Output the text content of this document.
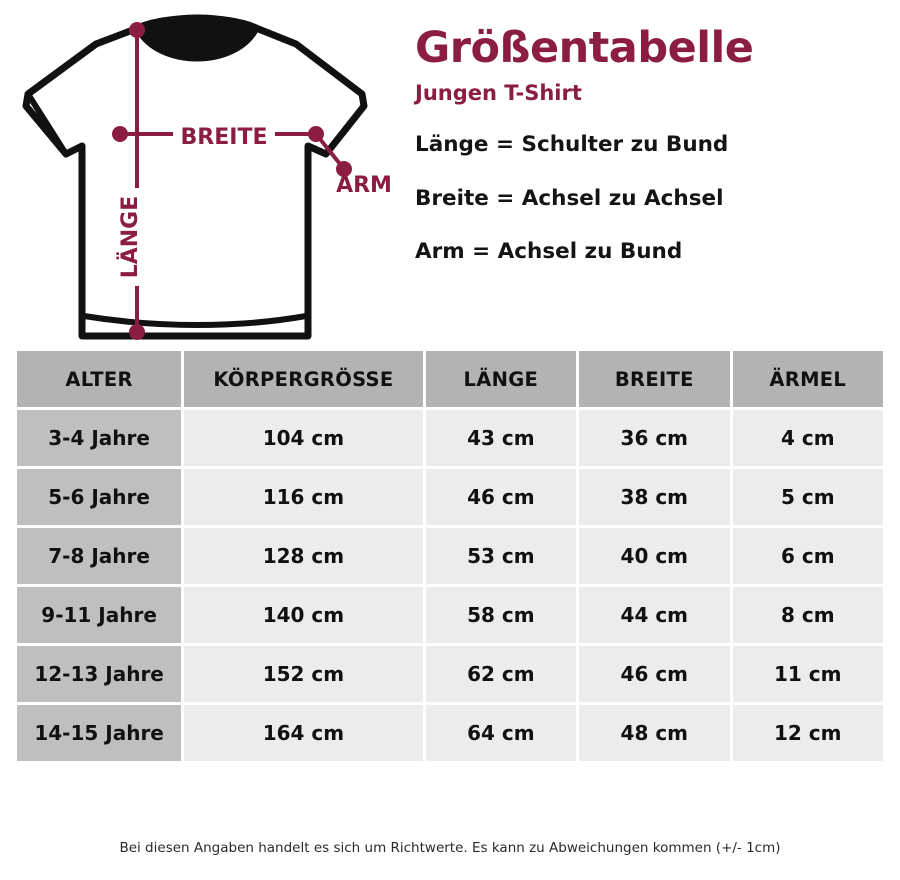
BREITE
LÄNGE
ARM
Größentabelle
Jungen T-Shirt
Länge = Schulter zu Bund
Breite = Achsel zu Achsel
Arm = Achsel zu Bund
ALTER	KÖRPERGRÖSSE	LÄNGE	BREITE	ÄRMEL
3-4 Jahre	104 cm	43 cm	36 cm	4 cm
5-6 Jahre	116 cm	46 cm	38 cm	5 cm
7-8 Jahre	128 cm	53 cm	40 cm	6 cm
9-11 Jahre	140 cm	58 cm	44 cm	8 cm
12-13 Jahre	152 cm	62 cm	46 cm	11 cm
14-15 Jahre	164 cm	64 cm	48 cm	12 cm
Bei diesen Angaben handelt es sich um Richtwerte. Es kann zu Abweichungen kommen (+/- 1cm)
